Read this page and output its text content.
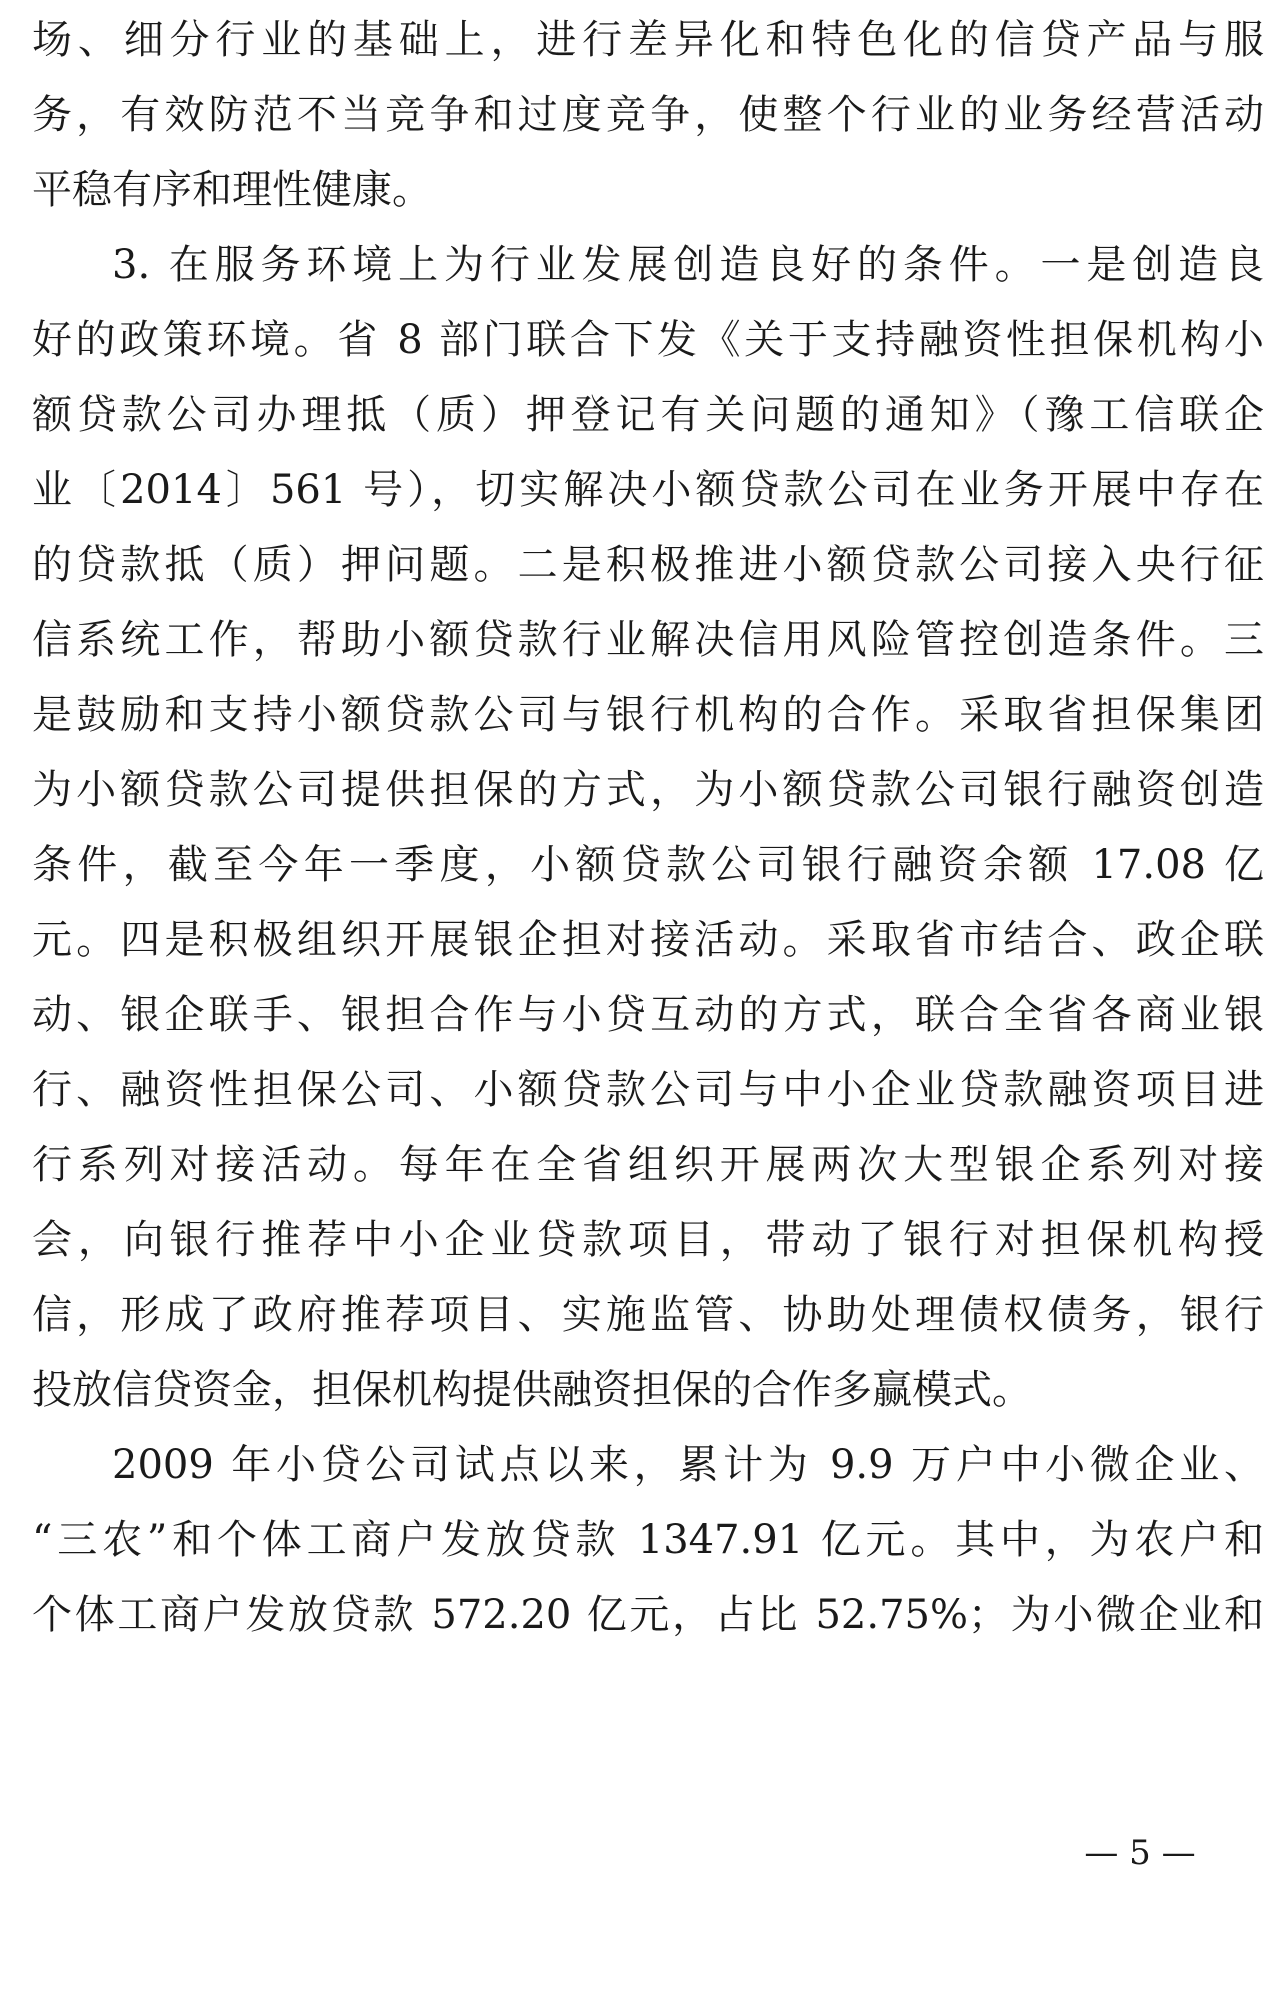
场、细分行业的基础上，进行差异化和特色化的信贷产品与服
务，有效防范不当竞争和过度竞争，使整个行业的业务经营活动
平稳有序和理性健康。
3. 在服务环境上为行业发展创造良好的条件。一是创造良
好的政策环境。省 8 部门联合下发《关于支持融资性担保机构小
额贷款公司办理抵（质）押登记有关问题的通知》（豫工信联企
业〔2014〕561 号），切实解决小额贷款公司在业务开展中存在
的贷款抵（质）押问题。二是积极推进小额贷款公司接入央行征
信系统工作，帮助小额贷款行业解决信用风险管控创造条件。三
是鼓励和支持小额贷款公司与银行机构的合作。采取省担保集团
为小额贷款公司提供担保的方式，为小额贷款公司银行融资创造
条件，截至今年一季度，小额贷款公司银行融资余额 17.08 亿
元。四是积极组织开展银企担对接活动。采取省市结合、政企联
动、银企联手、银担合作与小贷互动的方式，联合全省各商业银
行、融资性担保公司、小额贷款公司与中小企业贷款融资项目进
行系列对接活动。每年在全省组织开展两次大型银企系列对接
会，向银行推荐中小企业贷款项目，带动了银行对担保机构授
信，形成了政府推荐项目、实施监管、协助处理债权债务，银行
投放信贷资金，担保机构提供融资担保的合作多赢模式。
2009 年小贷公司试点以来，累计为 9.9 万户中小微企业、
“三农”和个体工商户发放贷款 1347.91 亿元。其中，为农户和
个体工商户发放贷款 572.20 亿元，占比 52.75%；为小微企业和
— 5 —
